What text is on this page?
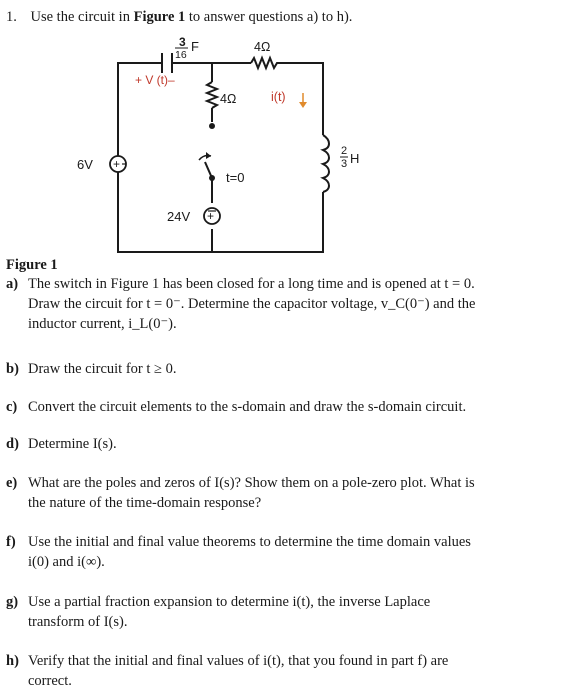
1. Use the circuit in Figure 1 to answer questions a) to h).
+
+
3
16
F	4Ω
+ V (t)–
4Ω	i(t)
6V
24V
t=0
2
3 H
Figure 1
a) The switch in Figure 1 has been closed for a long time and is opened at t = 0.
Draw the circuit for t = 0⁻. Determine the capacitor voltage, v_C(0⁻) and the
inductor current, i_L(0⁻).
b) Draw the circuit for t ≥ 0.
c) Convert the circuit elements to the s-domain and draw the s-domain circuit.
d) Determine I(s).
e) What are the poles and zeros of I(s)? Show them on a pole-zero plot. What is
the nature of the time-domain response?
f) Use the initial and final value theorems to determine the time domain values
i(0) and i(∞).
g) Use a partial fraction expansion to determine i(t), the inverse Laplace
transform of I(s).
h) Verify that the initial and final values of i(t), that you found in part f) are
correct.
